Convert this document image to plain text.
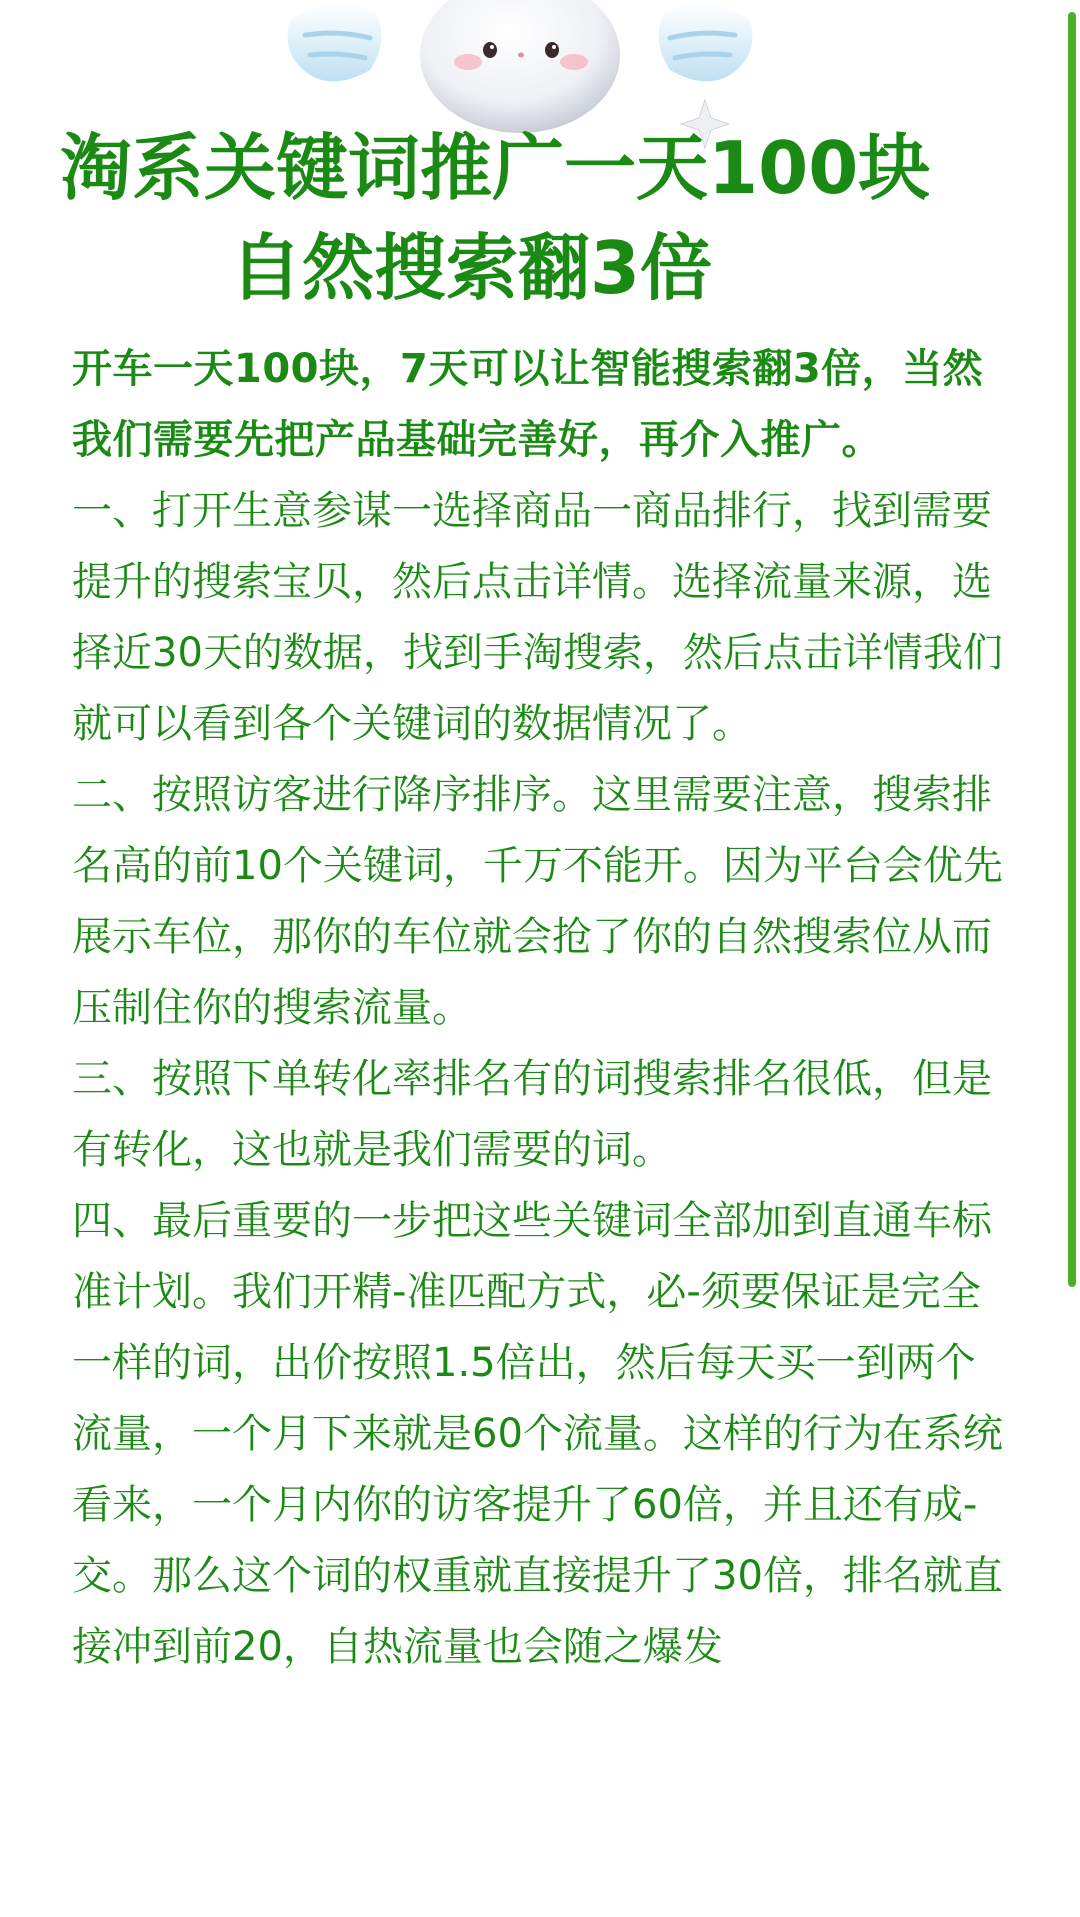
淘系关键词推广一天100块
自然搜索翻3倍

开车一天100块，7天可以让智能搜索翻3倍，当然我们需要先把产品基础完善好，再介入推广。

一、打开生意参谋一选择商品一商品排行，找到需要提升的搜索宝贝，然后点击详情。选择流量来源，选择近30天的数据，找到手淘搜索，然后点击详情我们就可以看到各个关键词的数据情况了。

二、按照访客进行降序排序。这里需要注意，搜索排名高的前10个关键词，千万不能开。因为平台会优先展示车位，那你的车位就会抢了你的自然搜索位从而压制住你的搜索流量。

三、按照下单转化率排名有的词搜索排名很低，但是有转化，这也就是我们需要的词。

四、最后重要的一步把这些关键词全部加到直通车标准计划。我们开精-准匹配方式，必-须要保证是完全一样的词，出价按照1.5倍出，然后每天买一到两个流量，一个月下来就是60个流量。这样的行为在系统看来，一个月内你的访客提升了60倍，并且还有成-交。那么这个词的权重就直接提升了30倍，排名就直接冲到前20，自热流量也会随之爆发
